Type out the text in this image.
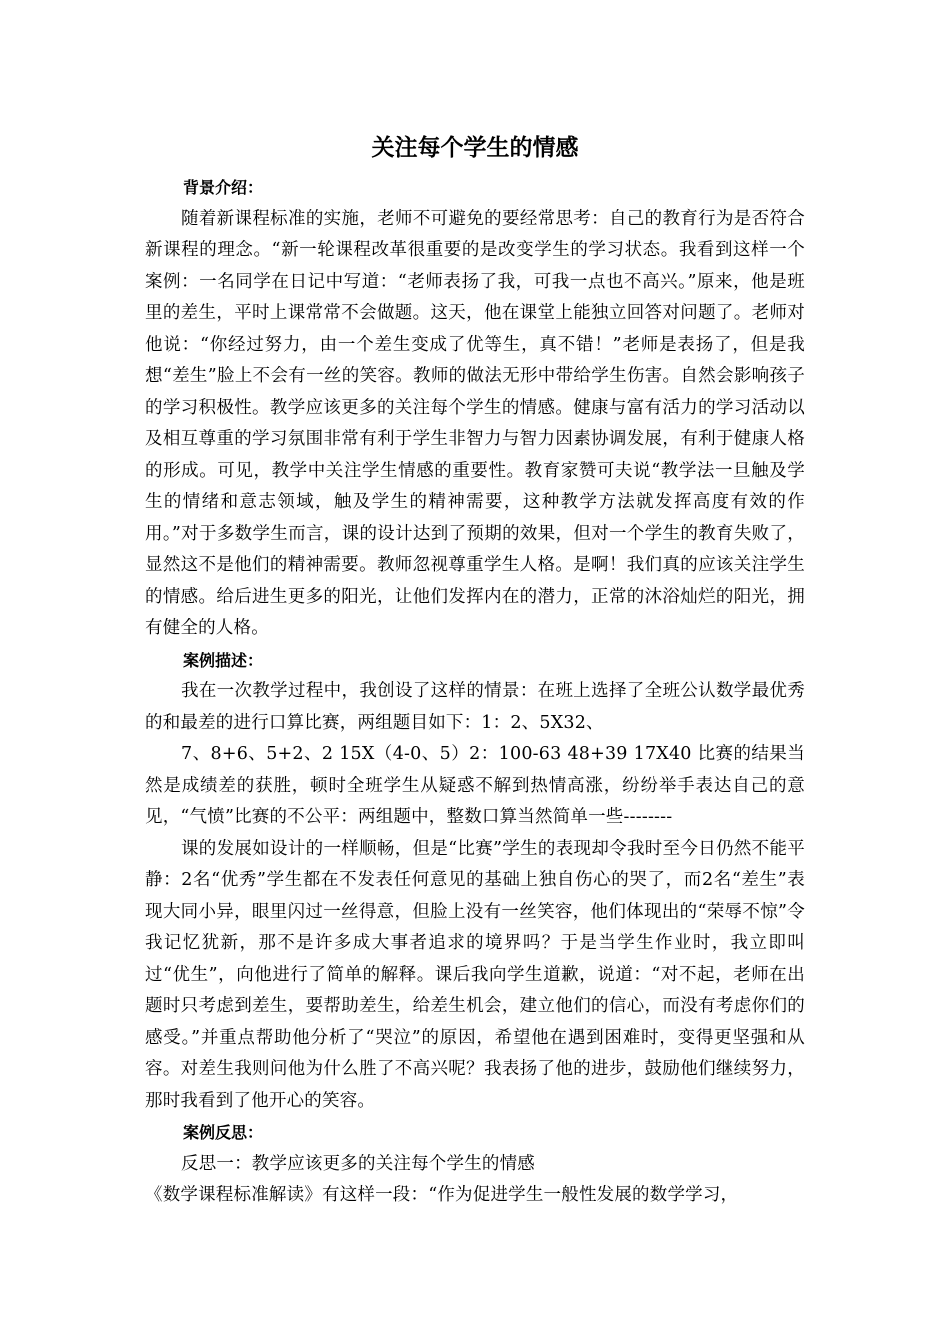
关注每个学生的情感
背景介绍：

随着新课程标准的实施，老师不可避免的要经常思考：自己的教育行为是否符合新课程的理念。“新一轮课程改革很重要的是改变学生的学习状态。我看到这样一个案例：一名同学在日记中写道：“老师表扬了我，可我一点也不高兴。”原来，他是班里的差生，平时上课常常不会做题。这天，他在课堂上能独立回答对问题了。老师对他说：“你经过努力，由一个差生变成了优等生，真不错！”老师是表扬了，但是我想“差生”脸上不会有一丝的笑容。教师的做法无形中带给学生伤害。自然会影响孩子的学习积极性。教学应该更多的关注每个学生的情感。健康与富有活力的学习活动以及相互尊重的学习氛围非常有利于学生非智力与智力因素协调发展，有利于健康人格的形成。可见，教学中关注学生情感的重要性。教育家赞可夫说“教学法一旦触及学生的情绪和意志领域，触及学生的精神需要，这种教学方法就发挥高度有效的作用。”对于多数学生而言，课的设计达到了预期的效果，但对一个学生的教育失败了，显然这不是他们的精神需要。教师忽视尊重学生人格。是啊！我们真的应该关注学生的情感。给后进生更多的阳光，让他们发挥内在的潜力，正常的沐浴灿烂的阳光，拥有健全的人格。

案例描述：

我在一次教学过程中，我创设了这样的情景：在班上选择了全班公认数学最优秀的和最差的进行口算比赛，两组题目如下：1：2、5X32、

7、8+6、5+2、2 15X（4-0、5）2：100-63 48+39 17X40 比赛的结果当然是成绩差的获胜，顿时全班学生从疑惑不解到热情高涨，纷纷举手表达自己的意见，“气愤”比赛的不公平：两组题中，整数口算当然简单一些--------

课的发展如设计的一样顺畅，但是“比赛”学生的表现却令我时至今日仍然不能平静：2名“优秀”学生都在不发表任何意见的基础上独自伤心的哭了，而2名“差生”表现大同小异，眼里闪过一丝得意，但脸上没有一丝笑容，他们体现出的“荣辱不惊”令我记忆犹新，那不是许多成大事者追求的境界吗？于是当学生作业时，我立即叫过“优生”，向他进行了简单的解释。课后我向学生道歉，说道：“对不起，老师在出题时只考虑到差生，要帮助差生，给差生机会，建立他们的信心，而没有考虑你们的感受。”并重点帮助他分析了“哭泣”的原因，希望他在遇到困难时，变得更坚强和从容。对差生我则问他为什么胜了不高兴呢？我表扬了他的进步，鼓励他们继续努力，那时我看到了他开心的笑容。

案例反思：

反思一：教学应该更多的关注每个学生的情感

《数学课程标准解读》有这样一段：“作为促进学生一般性发展的数学学习，
